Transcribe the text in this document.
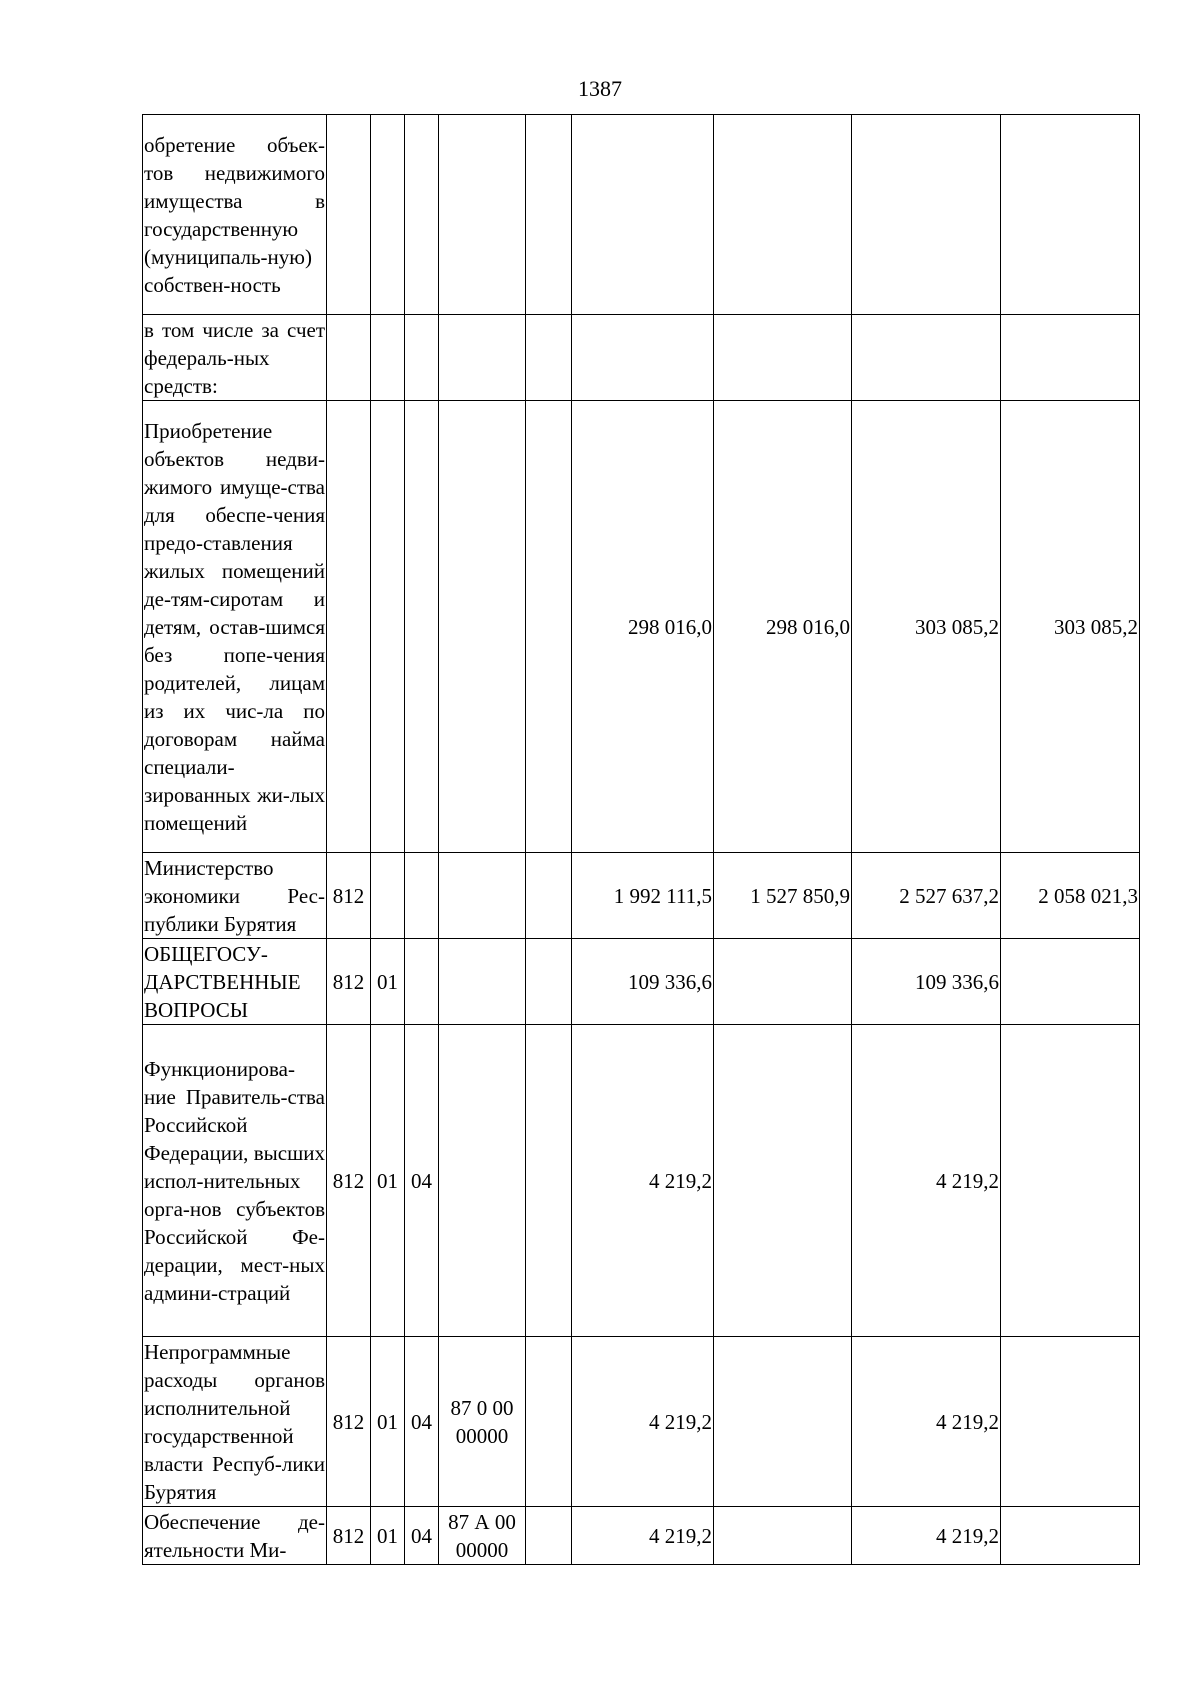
1387
обретение объек-тов недвижимого имущества в государственную (муниципаль-ную) собствен-ность									
в том числе за счет федераль-ных средств:									
Приобретение объектов недви-жимого имуще-ства для обеспе-чения предо-ставления жилых помещений де-тям-сиротам и детям, остав-шимся без попе-чения родителей, лицам из их чис-ла по договорам найма специали-зированных жи-лых помещений						298 016,0	298 016,0	303 085,2	303 085,2
Министерство экономики Рес-публики Бурятия	812					1 992 111,5	1 527 850,9	2 527 637,2	2 058 021,3
ОБЩЕГОСУ-ДАРСТВЕННЫЕ ВОПРОСЫ	812	01				109 336,6		109 336,6	
Функционирова-ние Правитель-ства Российской Федерации, высших испол-нительных орга-нов субъектов Российской Фе-дерации, мест-ных админи-страций	812	01	04			4 219,2		4 219,2	
Непрограммные расходы органов исполнительной государственной власти Респуб-лики Бурятия	812	01	04	87 0 00 00000		4 219,2		4 219,2	
Обеспечение де-ятельности Ми-	812	01	04	87 А 00 00000		4 219,2		4 219,2	
